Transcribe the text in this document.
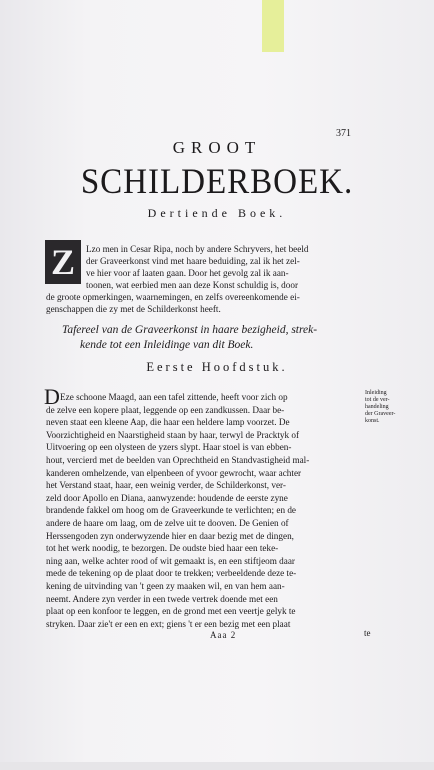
371
GROOT
SCHILDERBOEK.
Dertiende Boek.
Z	Lzo men in Cesar Ripa, noch by andere Schryvers, het beeld
der Graveerkonst vind met haare beduiding, zal ik het zel-
ve hier voor af laaten gaan. Door het gevolg zal ik aan-
toonen, wat eerbied men aan deze Konst schuldig is, door
de groote opmerkingen, waarnemingen, en zelfs overeenkomende ei-
genschappen die zy met de Schilderkonst heeft.
Tafereel van de Graveerkonst in haare bezigheid, strek-
kende tot een Inleidinge van dit Boek.
Eerste Hoofdstuk.
Inleiding
tot de ver-
handeling
der Graveer-
konst.
D Eze schoone Maagd, aan een tafel zittende, heeft voor zich op
de zelve een kopere plaat, leggende op een zandkussen. Daar be-
neven staat een kleene Aap, die haar een heldere lamp voorzet. De
Voorzichtigheid en Naarstigheid staan by haar, terwyl de Pracktyk of
Uitvoering op een olysteen de yzers slypt. Haar stoel is van ebben-
hout, vercierd met de beelden van Oprechtheid en Standvastigheid mal-
kanderen omhelzende, van elpenbeen of yvoor gewrocht, waar achter
het Verstand staat, haar, een weinig verder, de Schilderkonst, ver-
zeld door Apollo en Diana, aanwyzende: houdende de eerste zyne
brandende fakkel om hoog om de Graveerkunde te verlichten; en de
andere de haare om laag, om de zelve uit te dooven. De Genien of
Herssengoden zyn onderwyzende hier en daar bezig met de dingen,
tot het werk noodig, te bezorgen. De oudste bied haar een teke-
ning aan, welke achter rood of wit gemaakt is, en een stiftjeom daar
mede de tekening op de plaat door te trekken; verbeeldende deze te-
kening de uitvinding van 't geen zy maaken wil, en van hem aan-
neemt. Andere zyn verder in een twede vertrek doende met een
plaat op een konfoor te leggen, en de grond met een veertje gelyk te
stryken. Daar zie't er een en ext; giens 't er een bezig met een plaat
Aaa 2	te
